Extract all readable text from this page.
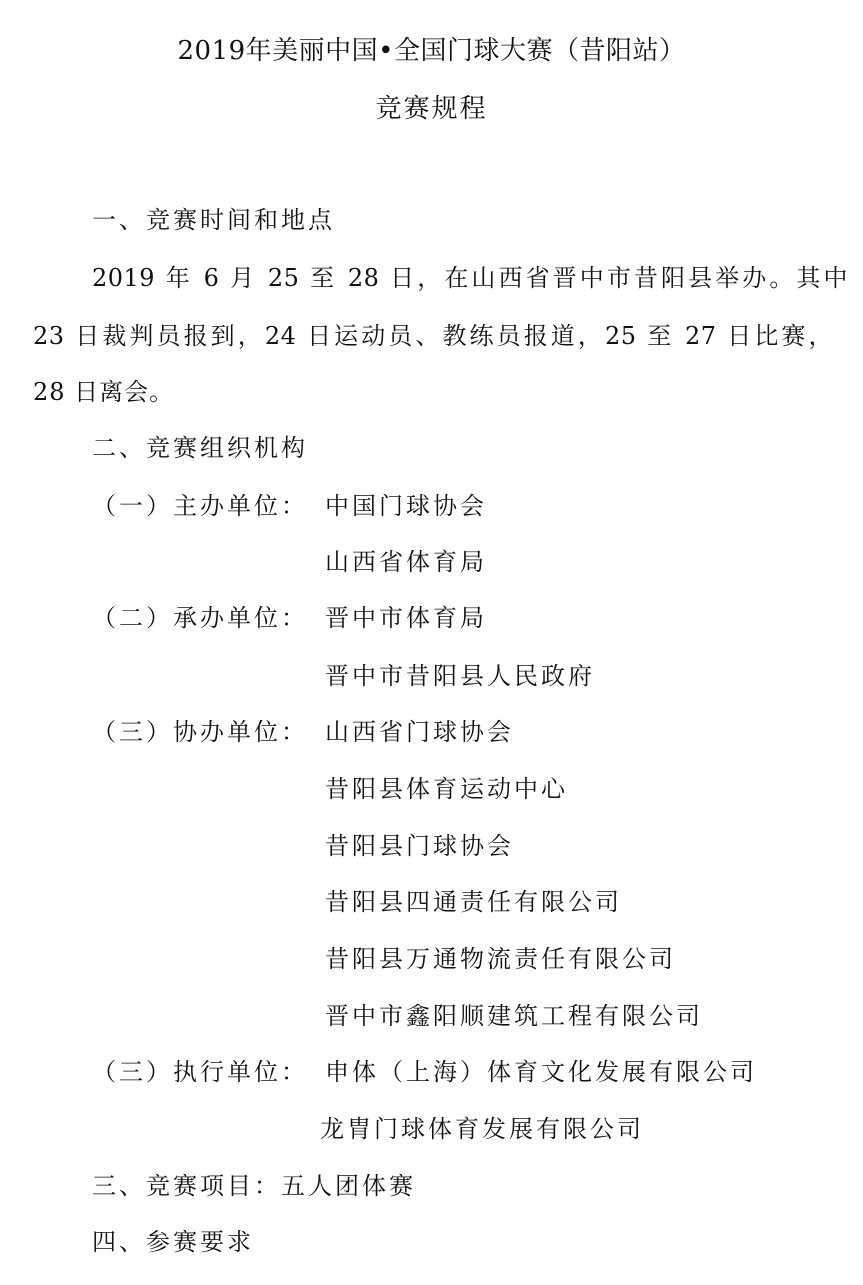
2019年美丽中国•全国门球大赛（昔阳站）
竞赛规程
一、竞赛时间和地点
2019 年 6 月 25 至 28 日，在山西省晋中市昔阳县举办。其中
23 日裁判员报到，24 日运动员、教练员报道，25 至 27 日比赛，
28 日离会。
二、竞赛组织机构
（一）主办单位： 中国门球协会
山西省体育局
（二）承办单位： 晋中市体育局
晋中市昔阳县人民政府
（三）协办单位： 山西省门球协会
昔阳县体育运动中心
昔阳县门球协会
昔阳县四通责任有限公司
昔阳县万通物流责任有限公司
晋中市鑫阳顺建筑工程有限公司
（三）执行单位： 申体（上海）体育文化发展有限公司
龙胄门球体育发展有限公司
三、竞赛项目：五人团体赛
四、参赛要求
